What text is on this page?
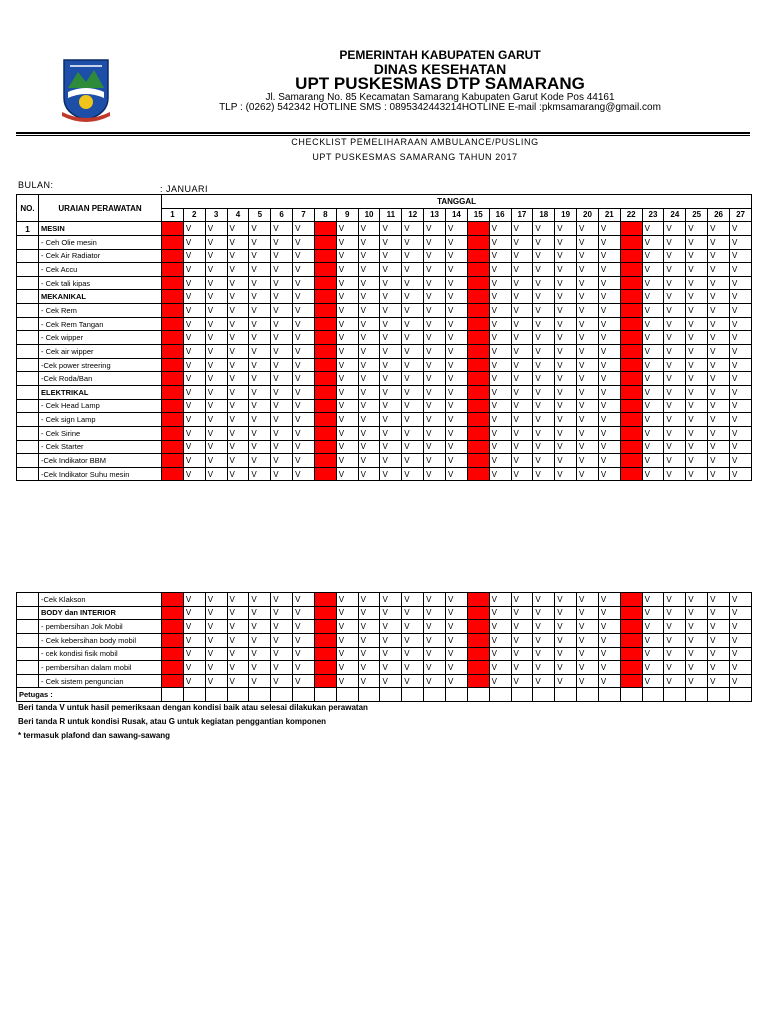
PEMERINTAH KABUPATEN GARUT
DINAS KESEHATAN
UPT PUSKESMAS DTP SAMARANG
Jl. Samarang No. 85 Kecamatan Samarang Kabupaten Garut Kode Pos 44161
TLP : (0262) 542342 HOTLINE SMS : 0895342443214HOTLINE E-mail :pkmsamarang@gmail.com
CHECKLIST PEMELIHARAAN AMBULANCE/PUSLING
UPT PUSKESMAS SAMARANG TAHUN 2017
BULAN:	: JANUARI
NO.	URAIAN PERAWATAN	TANGGAL																										
		1	2	3	4	5	6	7	8	9	10	11	12	13	14	15	16	17	18	19	20	21	22	23	24	25	26	27
1	MESIN		V	V	V	V	V	V		V	V	V	V	V	V		V	V	V	V	V	V		V	V	V	V	V
	- Ceh Olie mesin		V	V	V	V	V	V		V	V	V	V	V	V		V	V	V	V	V	V		V	V	V	V	V
	- Cek Air Radiator		V	V	V	V	V	V		V	V	V	V	V	V		V	V	V	V	V	V		V	V	V	V	V
	- Cek Accu		V	V	V	V	V	V		V	V	V	V	V	V		V	V	V	V	V	V		V	V	V	V	V
	- Cek tali kipas		V	V	V	V	V	V		V	V	V	V	V	V		V	V	V	V	V	V		V	V	V	V	V
	MEKANIKAL		V	V	V	V	V	V		V	V	V	V	V	V		V	V	V	V	V	V		V	V	V	V	V
	- Cek Rem		V	V	V	V	V	V		V	V	V	V	V	V		V	V	V	V	V	V		V	V	V	V	V
	- Cek Rem Tangan		V	V	V	V	V	V		V	V	V	V	V	V		V	V	V	V	V	V		V	V	V	V	V
	- Cek wipper		V	V	V	V	V	V		V	V	V	V	V	V		V	V	V	V	V	V		V	V	V	V	V
	- Cek air wipper		V	V	V	V	V	V		V	V	V	V	V	V		V	V	V	V	V	V		V	V	V	V	V
	-Cek power streering		V	V	V	V	V	V		V	V	V	V	V	V		V	V	V	V	V	V		V	V	V	V	V
	-Cek Roda/Ban		V	V	V	V	V	V		V	V	V	V	V	V		V	V	V	V	V	V		V	V	V	V	V
	ELEKTRIKAL		V	V	V	V	V	V		V	V	V	V	V	V		V	V	V	V	V	V		V	V	V	V	V
	- Cek Head Lamp		V	V	V	V	V	V		V	V	V	V	V	V		V	V	V	V	V	V		V	V	V	V	V
	- Cek sign Lamp		V	V	V	V	V	V		V	V	V	V	V	V		V	V	V	V	V	V		V	V	V	V	V
	- Cek Sirine		V	V	V	V	V	V		V	V	V	V	V	V		V	V	V	V	V	V		V	V	V	V	V
	- Cek Starter		V	V	V	V	V	V		V	V	V	V	V	V		V	V	V	V	V	V		V	V	V	V	V
	-Cek Indikator BBM		V	V	V	V	V	V		V	V	V	V	V	V		V	V	V	V	V	V		V	V	V	V	V
	-Cek Indikator Suhu mesin		V	V	V	V	V	V		V	V	V	V	V	V		V	V	V	V	V	V		V	V	V	V	V
	-Cek Klakson		V	V	V	V	V	V		V	V	V	V	V	V		V	V	V	V	V	V		V	V	V	V	V
	BODY dan INTERIOR		V	V	V	V	V	V		V	V	V	V	V	V		V	V	V	V	V	V		V	V	V	V	V
	- pembersihan Jok Mobil		V	V	V	V	V	V		V	V	V	V	V	V		V	V	V	V	V	V		V	V	V	V	V
	- Cek kebersihan body mobil		V	V	V	V	V	V		V	V	V	V	V	V		V	V	V	V	V	V		V	V	V	V	V
	- cek kondisi fisik mobil		V	V	V	V	V	V		V	V	V	V	V	V		V	V	V	V	V	V		V	V	V	V	V
	- pembersihan dalam mobil		V	V	V	V	V	V		V	V	V	V	V	V		V	V	V	V	V	V		V	V	V	V	V
	- Cek sistem penguncian		V	V	V	V	V	V		V	V	V	V	V	V		V	V	V	V	V	V		V	V	V	V	V
Petugas :																												
Beri tanda V untuk hasil pemeriksaan dengan kondisi baik atau selesai dilakukan perawatan
Beri tanda R untuk kondisi Rusak, atau G untuk kegiatan penggantian komponen
* termasuk plafond dan sawang-sawang
